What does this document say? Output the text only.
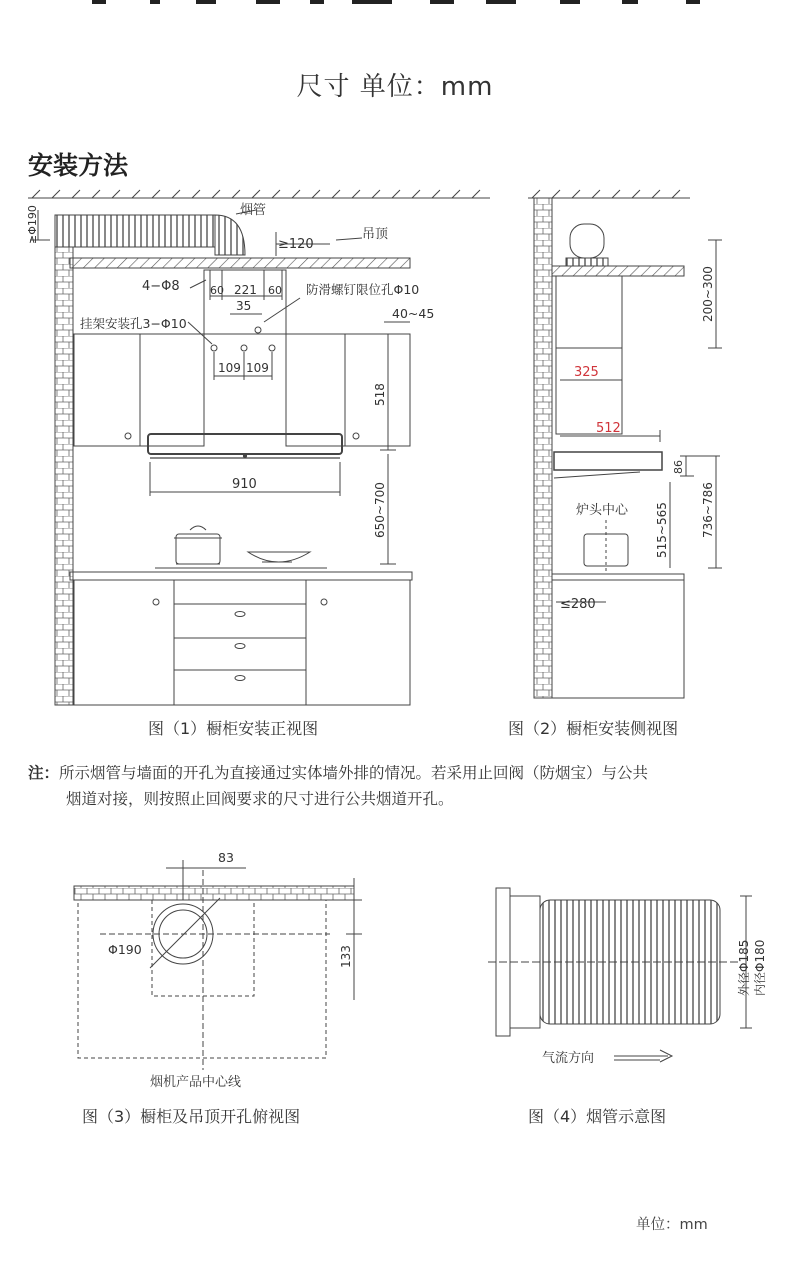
尺寸 单位：mm
安装方法
烟管
吊顶
≥120
≥Φ190
4−Φ8	60 221 60
35
防滑螺钉限位孔Φ10
40~45
挂架安装孔3−Φ10
109 109
518
910	650~700
图（1）橱柜安装正视图
325
512
200~300
86
炉头中心	736~786
515~565
≤280
图（2）橱柜安装侧视图
83
Φ190	133
烟机产品中心线
图（3）橱柜及吊顶开孔俯视图
外径Φ185 内径Φ180
气流方向
图（4）烟管示意图
注：所示烟管与墙面的开孔为直接通过实体墙外排的情况。若采用止回阀（防烟宝）与公共
烟道对接，则按照止回阀要求的尺寸进行公共烟道开孔。
单位：mm
